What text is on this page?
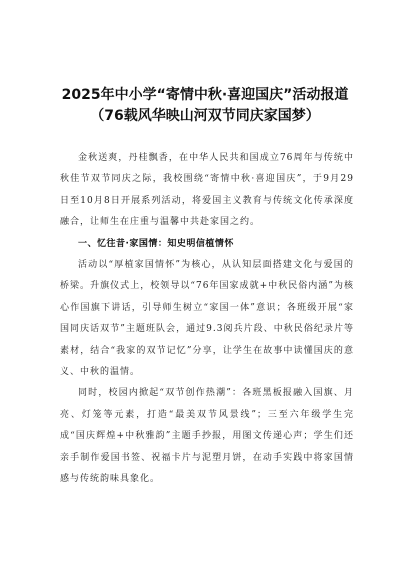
2025年中小学“寄情中秋·喜迎国庆”活动报道
（76载风华映山河双节同庆家国梦）

金秋送爽，丹桂飘香，在中华人民共和国成立76周年与传统中秋佳节双节同庆之际，我校围绕“寄情中秋·喜迎国庆”，于9月29日至10月8日开展系列活动，将爱国主义教育与传统文化传承深度融合，让师生在庄重与温馨中共赴家国之约。

一、忆往昔·家国情：知史明信植情怀

活动以“厚植家国情怀”为核心，从认知层面搭建文化与爱国的桥梁。升旗仪式上，校领导以“76年国家成就+中秋民俗内涵”为核心作国旗下讲话，引导师生树立“家国一体”意识；各班级开展“家国同庆话双节”主题班队会，通过9.3阅兵片段、中秋民俗纪录片等素材，结合“我家的双节记忆”分享，让学生在故事中读懂国庆的意义、中秋的温情。

同时，校园内掀起“双节创作热潮”：各班黑板报融入国旗、月亮、灯笼等元素，打造“最美双节风景线”；三至六年级学生完成“国庆辉煌+中秋雅韵”主题手抄报，用图文传递心声；学生们还亲手制作爱国书签、祝福卡片与泥塑月饼，在动手实践中将家国情感与传统韵味具象化。
